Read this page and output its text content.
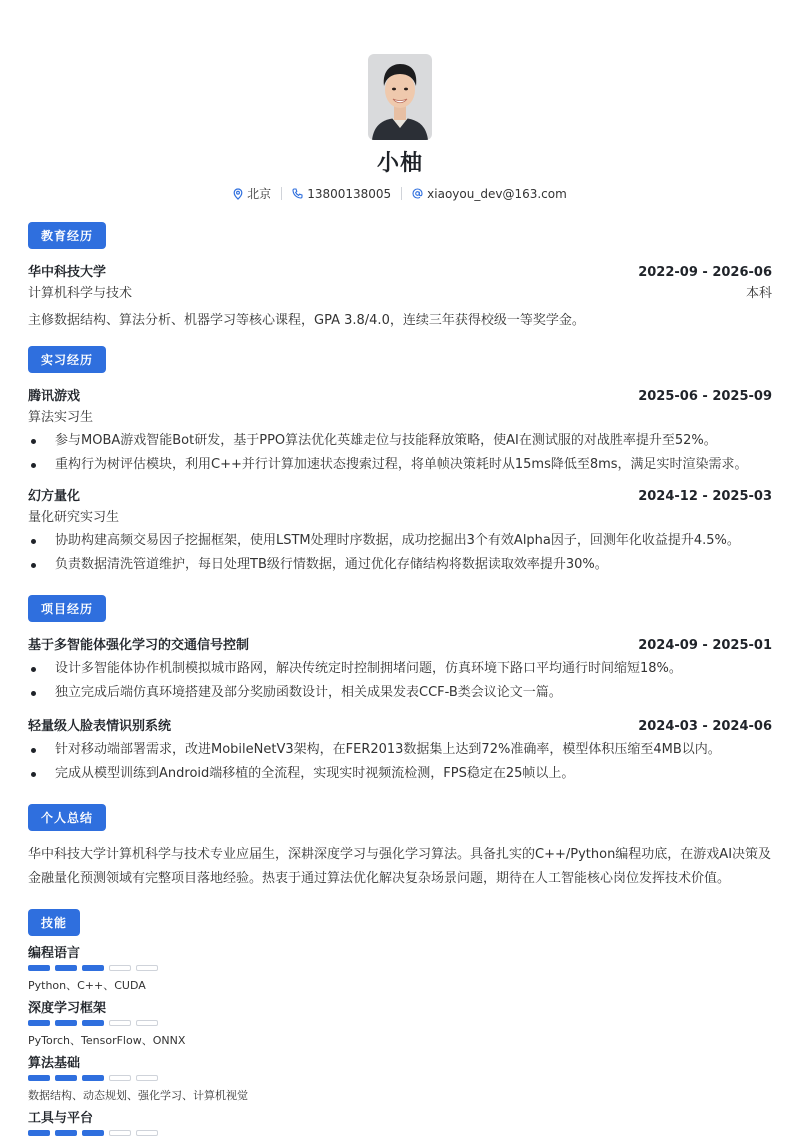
小柚
北京	13800138005	xiaoyou_dev@163.com
教育经历
华中科技大学	2022-09 - 2026-06
计算机科学与技术	本科
主修数据结构、算法分析、机器学习等核心课程，GPA 3.8/4.0，连续三年获得校级一等奖学金。
实习经历
腾讯游戏	2025-06 - 2025-09
算法实习生
参与MOBA游戏智能Bot研发，基于PPO算法优化英雄走位与技能释放策略，使AI在测试服的对战胜率提升至52%。
重构行为树评估模块，利用C++并行计算加速状态搜索过程，将单帧决策耗时从15ms降低至8ms，满足实时渲染需求。
幻方量化	2024-12 - 2025-03
量化研究实习生
协助构建高频交易因子挖掘框架，使用LSTM处理时序数据，成功挖掘出3个有效Alpha因子，回测年化收益提升4.5%。
负责数据清洗管道维护，每日处理TB级行情数据，通过优化存储结构将数据读取效率提升30%。
项目经历
基于多智能体强化学习的交通信号控制	2024-09 - 2025-01
设计多智能体协作机制模拟城市路网，解决传统定时控制拥堵问题，仿真环境下路口平均通行时间缩短18%。
独立完成后端仿真环境搭建及部分奖励函数设计，相关成果发表CCF-B类会议论文一篇。
轻量级人脸表情识别系统	2024-03 - 2024-06
针对移动端部署需求，改进MobileNetV3架构，在FER2013数据集上达到72%准确率，模型体积压缩至4MB以内。
完成从模型训练到Android端移植的全流程，实现实时视频流检测，FPS稳定在25帧以上。
个人总结
华中科技大学计算机科学与技术专业应届生，深耕深度学习与强化学习算法。具备扎实的C++/Python编程功底，在游戏AI决策及金融量化预测领域有完整项目落地经验。热衷于通过算法优化解决复杂场景问题，期待在人工智能核心岗位发挥技术价值。
技能
编程语言
Python、C++、CUDA
深度学习框架
PyTorch、TensorFlow、ONNX
算法基础
数据结构、动态规划、强化学习、计算机视觉
工具与平台
